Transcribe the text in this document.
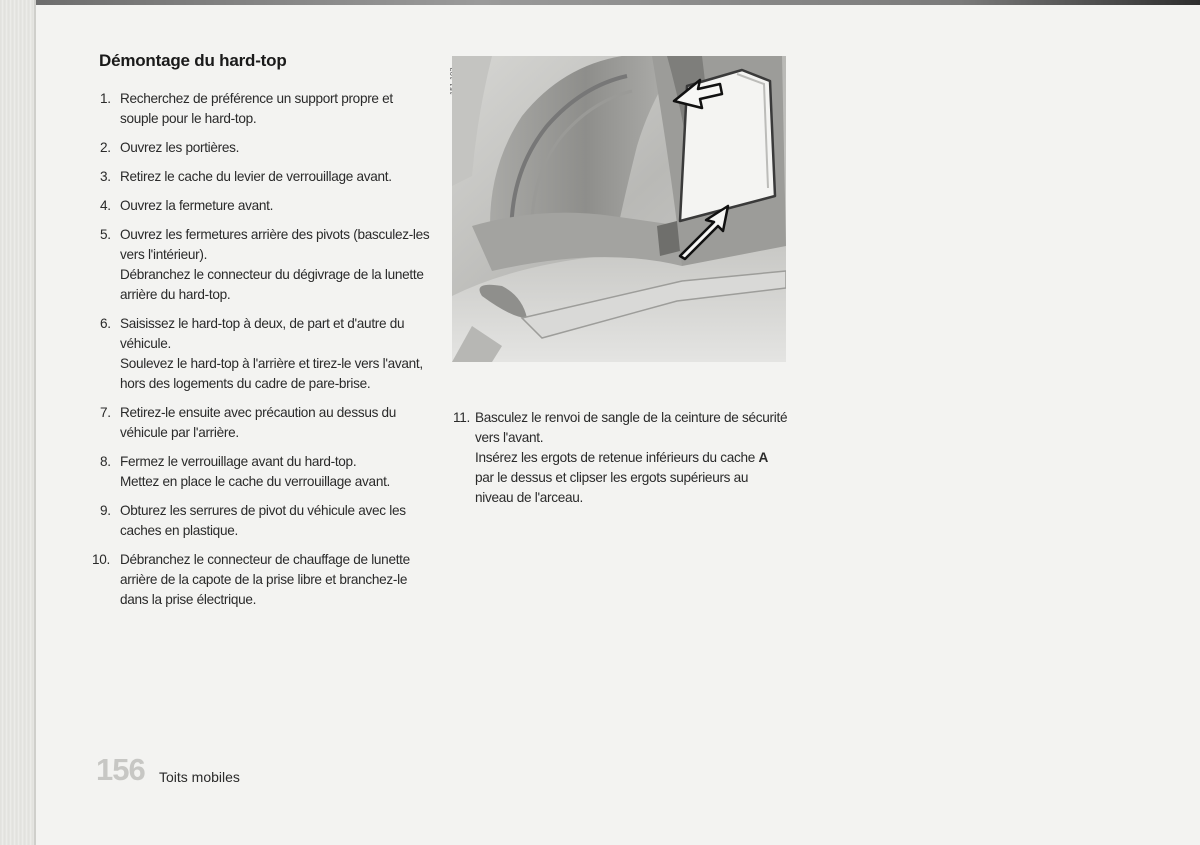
Démontage du hard-top
1. Recherchez de préférence un support propre et souple pour le hard-top.

2. Ouvrez les portières.

3. Retirez le cache du levier de verrouillage avant.

4. Ouvrez la fermeture avant.

5. Ouvrez les fermetures arrière des pivots (basculez-les vers l'intérieur).

Débranchez le connecteur du dégivrage de la lunette arrière du hard-top.

6. Saisissez le hard-top à deux, de part et d'autre du véhicule.

Soulevez le hard-top à l'arrière et tirez-le vers l'avant, hors des logements du cadre de pare-brise.

7. Retirez-le ensuite avec précaution au dessus du véhicule par l'arrière.

8. Fermez le verrouillage avant du hard-top.

Mettez en place le cache du verrouillage avant.

9. Obturez les serrures de pivot du véhicule avec les caches en plastique.

10. Débranchez le connecteur de chauffage de lunette arrière de la capote de la prise libre et branchez-le dans la prise électrique.

11. Basculez le renvoi de sangle de la ceinture de sécurité vers l'avant.

Insérez les ergots de retenue inférieurs du cache A par le dessus et clipser les ergots supérieurs au niveau de l'arceau.

156 Toits mobiles
